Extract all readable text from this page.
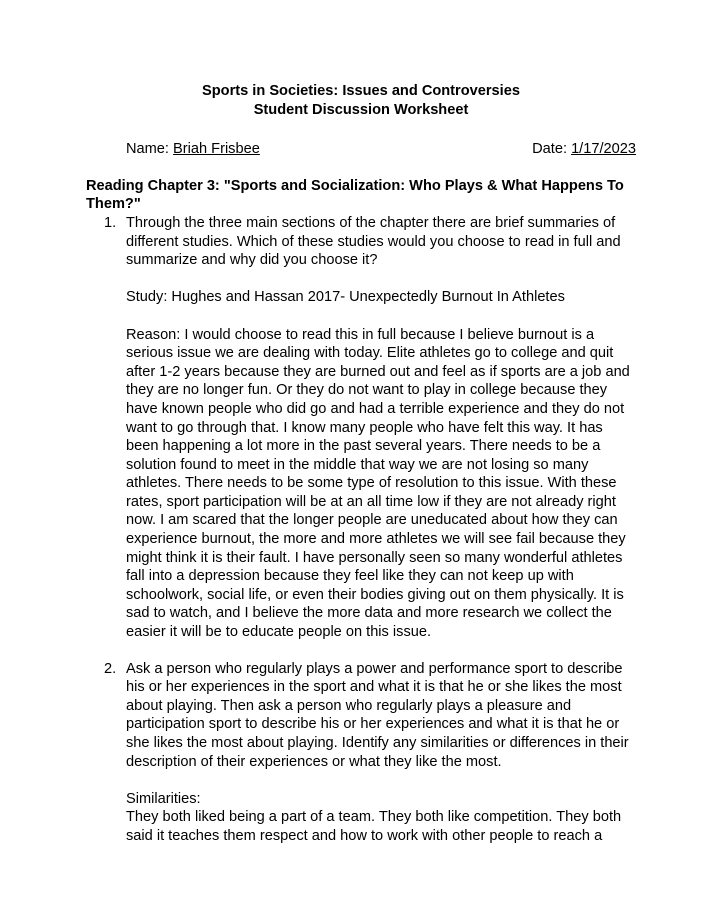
Sports in Societies: Issues and Controversies
Student Discussion Worksheet
Name: Briah Frisbee	Date: 1/17/2023
Reading Chapter 3: "Sports and Socialization: Who Plays & What Happens To Them?"
1. Through the three main sections of the chapter there are brief summaries of different studies. Which of these studies would you choose to read in full and summarize and why did you choose it?

Study: Hughes and Hassan 2017- Unexpectedly Burnout In Athletes

Reason: I would choose to read this in full because I believe burnout is a serious issue we are dealing with today. Elite athletes go to college and quit after 1-2 years because they are burned out and feel as if sports are a job and they are no longer fun. Or they do not want to play in college because they have known people who did go and had a terrible experience and they do not want to go through that. I know many people who have felt this way. It has been happening a lot more in the past several years. There needs to be a solution found to meet in the middle that way we are not losing so many athletes. There needs to be some type of resolution to this issue. With these rates, sport participation will be at an all time low if they are not already right now. I am scared that the longer people are uneducated about how they can experience burnout, the more and more athletes we will see fail because they might think it is their fault. I have personally seen so many wonderful athletes fall into a depression because they feel like they can not keep up with schoolwork, social life, or even their bodies giving out on them physically. It is sad to watch, and I believe the more data and more research we collect the easier it will be to educate people on this issue.

2. Ask a person who regularly plays a power and performance sport to describe his or her experiences in the sport and what it is that he or she likes the most about playing. Then ask a person who regularly plays a pleasure and participation sport to describe his or her experiences and what it is that he or she likes the most about playing. Identify any similarities or differences in their description of their experiences or what they like the most.

Similarities:

They both liked being a part of a team. They both like competition. They both said it teaches them respect and how to work with other people to reach a
